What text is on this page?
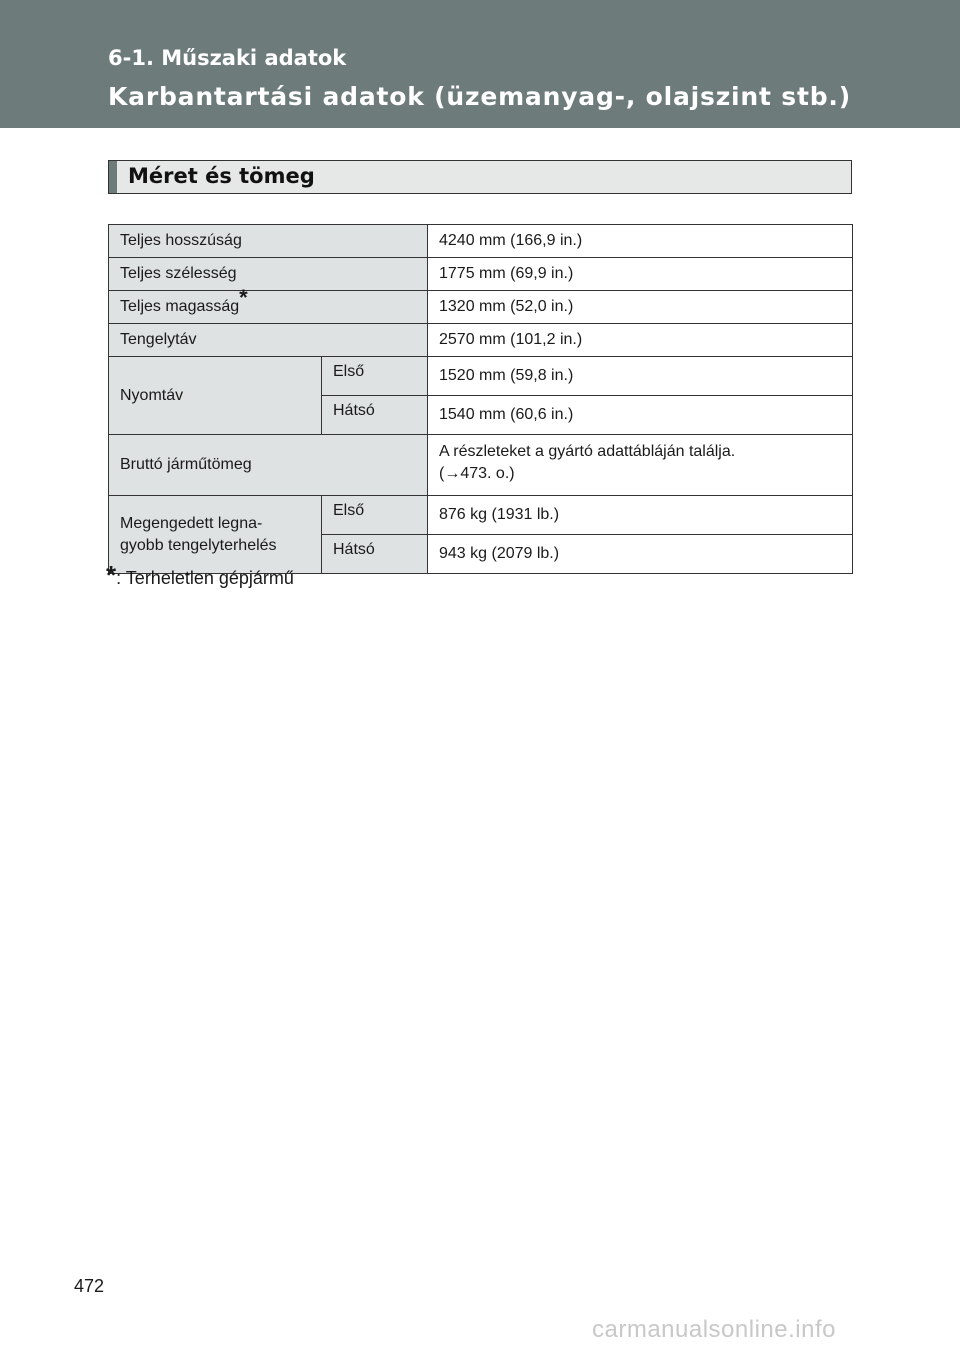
6-1. Műszaki adatok
Karbantartási adatok (üzemanyag-, olajszint stb.)
Méret és tömeg
Teljes hosszúság		4240 mm (166,9 in.)
Teljes szélesség		1775 mm (69,9 in.)
Teljes magasság*		1320 mm (52,0 in.)
Tengelytáv		2570 mm (101,2 in.)
Nyomtáv	Első	1520 mm (59,8 in.)
	Hátsó	1540 mm (60,6 in.)
Bruttó járműtömeg		A részleteket a gyártó adattábláján találja.
(→473. o.)

Megengedett legna-
gyobb tengelyterhelés	Első	876 kg (1931 lb.)
	Hátsó	943 kg (2079 lb.)
*: Terheletlen gépjármű
472
carmanualsonline.info
